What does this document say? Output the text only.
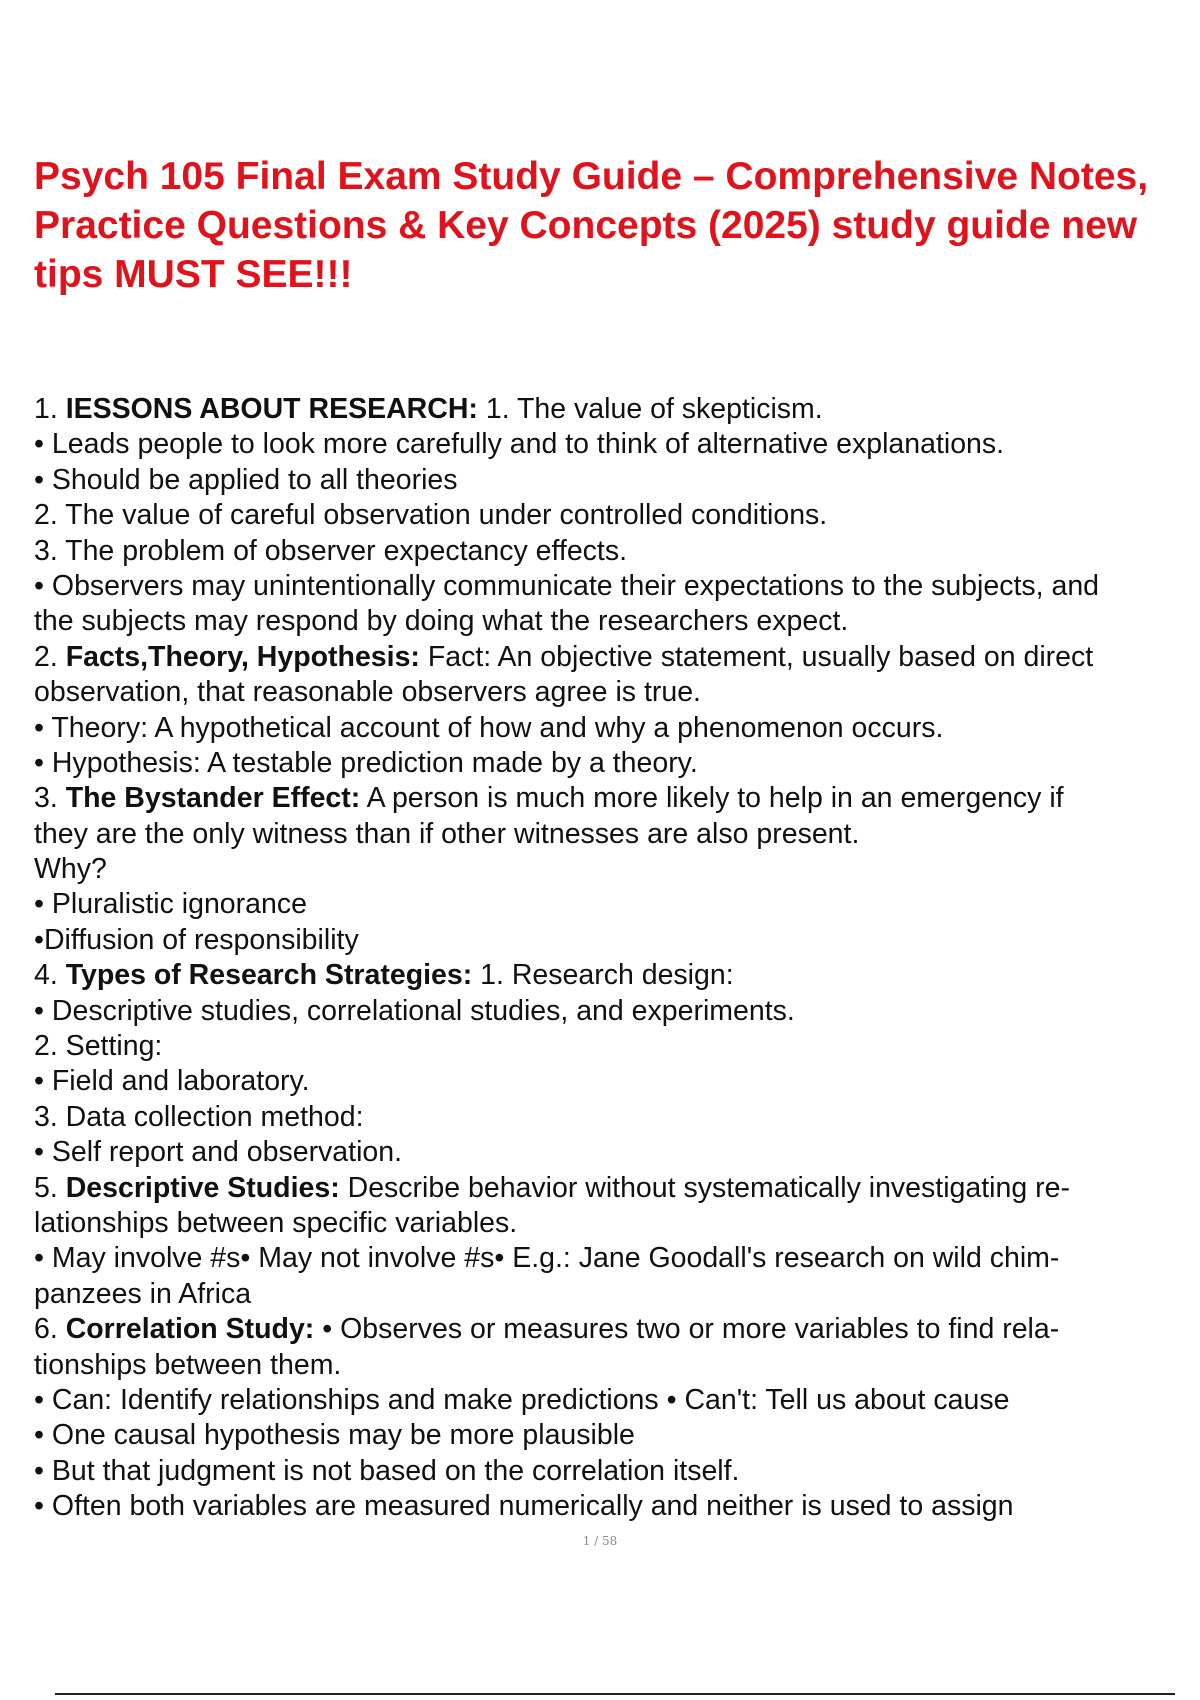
Psych 105 Final Exam Study Guide – Comprehensive Notes, Practice Questions & Key Concepts (2025) study guide new tips MUST SEE!!!
1. IESSONS ABOUT RESEARCH: 1. The value of skepticism.
• Leads people to look more carefully and to think of alternative explanations.
• Should be applied to all theories
2. The value of careful observation under controlled conditions.
3. The problem of observer expectancy effects.
• Observers may unintentionally communicate their expectations to the subjects, and
the subjects may respond by doing what the researchers expect.
2. Facts,Theory, Hypothesis: Fact: An objective statement, usually based on direct
observation, that reasonable observers agree is true.
• Theory: A hypothetical account of how and why a phenomenon occurs.
• Hypothesis: A testable prediction made by a theory.
3. The Bystander Effect: A person is much more likely to help in an emergency if
they are the only witness than if other witnesses are also present.
Why?
• Pluralistic ignorance
•Diffusion of responsibility
4. Types of Research Strategies: 1. Research design:
• Descriptive studies, correlational studies, and experiments.
2. Setting:
• Field and laboratory.
3. Data collection method:
• Self report and observation.
5. Descriptive Studies: Describe behavior without systematically investigating re-
lationships between specific variables.
• May involve #s• May not involve #s• E.g.: Jane Goodall's research on wild chim-
panzees in Africa
6. Correlation Study: • Observes or measures two or more variables to find rela-
tionships between them.
• Can: Identify relationships and make predictions • Can't: Tell us about cause
• One causal hypothesis may be more plausible
• But that judgment is not based on the correlation itself.
• Often both variables are measured numerically and neither is used to assign
1 / 58
